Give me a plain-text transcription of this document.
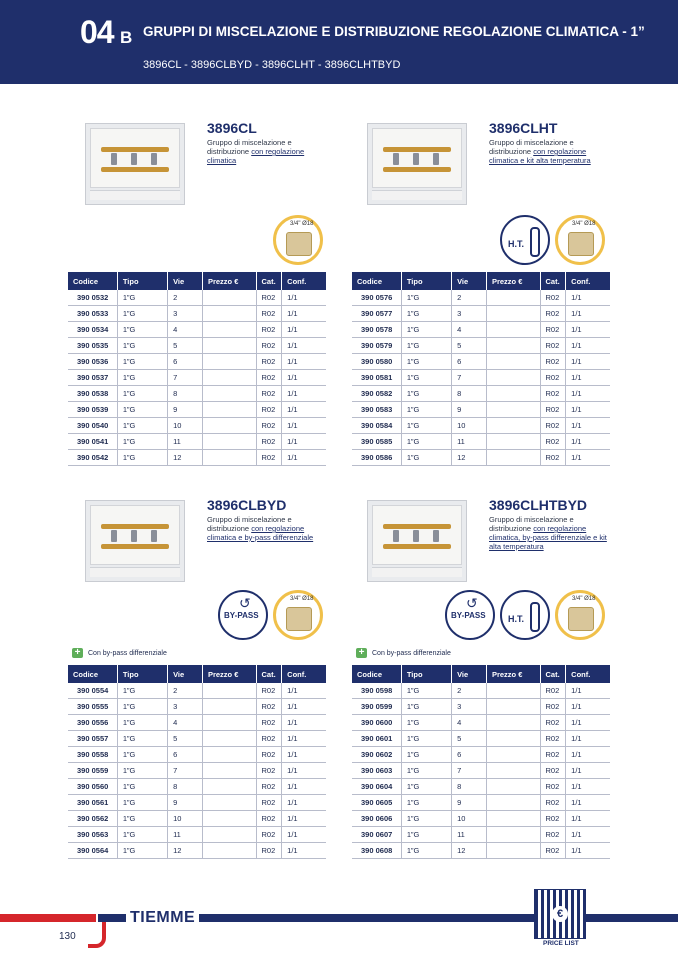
04 B GRUPPI DI MISCELAZIONE E DISTRIBUZIONE REGOLAZIONE CLIMATICA - 1”
3896CL - 3896CLBYD - 3896CLHT - 3896CLHTBYD
3896CL
Gruppo di miscelazione e distribuzione con regolazione climatica
3/4" Ø18
Codice	Tipo	Vie	Prezzo €	Cat.	Conf.
390 0532	1”G	2		R02	1/1
390 0533	1”G	3		R02	1/1
390 0534	1”G	4		R02	1/1
390 0535	1”G	5		R02	1/1
390 0536	1”G	6		R02	1/1
390 0537	1”G	7		R02	1/1
390 0538	1”G	8		R02	1/1
390 0539	1”G	9		R02	1/1
390 0540	1”G	10		R02	1/1
390 0541	1”G	11		R02	1/1
390 0542	1”G	12		R02	1/1
3896CLHT
Gruppo di miscelazione e distribuzione con regolazione climatica e kit alta temperatura
H.T.
3/4" Ø18
Codice	Tipo	Vie	Prezzo €	Cat.	Conf.
390 0576	1”G	2		R02	1/1
390 0577	1”G	3		R02	1/1
390 0578	1”G	4		R02	1/1
390 0579	1”G	5		R02	1/1
390 0580	1”G	6		R02	1/1
390 0581	1”G	7		R02	1/1
390 0582	1”G	8		R02	1/1
390 0583	1”G	9		R02	1/1
390 0584	1”G	10		R02	1/1
390 0585	1”G	11		R02	1/1
390 0586	1”G	12		R02	1/1
3896CLBYD
Gruppo di miscelazione e distribuzione con regolazione climatica e by-pass differenziale
↺
BY-PASS
3/4" Ø18
+ Con by-pass differenziale
Codice	Tipo	Vie	Prezzo €	Cat.	Conf.
390 0554	1”G	2		R02	1/1
390 0555	1”G	3		R02	1/1
390 0556	1”G	4		R02	1/1
390 0557	1”G	5		R02	1/1
390 0558	1”G	6		R02	1/1
390 0559	1”G	7		R02	1/1
390 0560	1”G	8		R02	1/1
390 0561	1”G	9		R02	1/1
390 0562	1”G	10		R02	1/1
390 0563	1”G	11		R02	1/1
390 0564	1”G	12		R02	1/1
3896CLHTBYD
Gruppo di miscelazione e distribuzione con regolazione climatica, by-pass differenziale e kit alta temperatura
↺
BY-PASS H.T.
3/4" Ø18
+ Con by-pass differenziale
Codice	Tipo	Vie	Prezzo €	Cat.	Conf.
390 0598	1”G	2		R02	1/1
390 0599	1”G	3		R02	1/1
390 0600	1”G	4		R02	1/1
390 0601	1”G	5		R02	1/1
390 0602	1”G	6		R02	1/1
390 0603	1”G	7		R02	1/1
390 0604	1”G	8		R02	1/1
390 0605	1”G	9		R02	1/1
390 0606	1”G	10		R02	1/1
390 0607	1”G	11		R02	1/1
390 0608	1”G	12		R02	1/1
TIEMME
130
€
PRICE LIST
